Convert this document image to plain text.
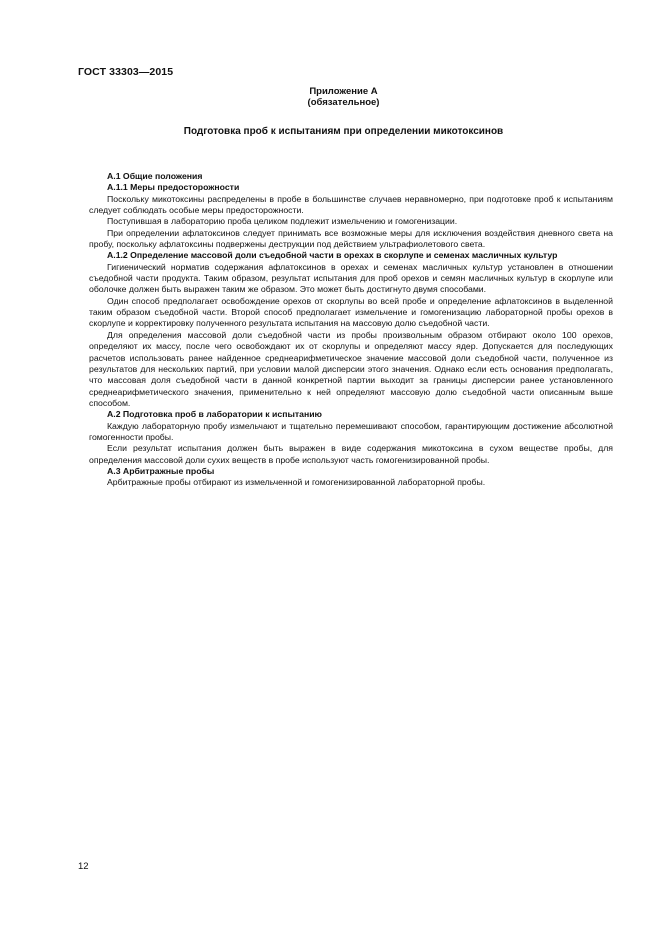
ГОСТ 33303—2015
Приложение А
(обязательное)
Подготовка проб к испытаниям при определении микотоксинов
А.1 Общие положения
А.1.1 Меры предосторожности

Поскольку микотоксины распределены в пробе в большинстве случаев неравномерно, при подготовке проб к испытаниям следует соблюдать особые меры предосторожности.

Поступившая в лабораторию проба целиком подлежит измельчению и гомогенизации.

При определении афлатоксинов следует принимать все возможные меры для исключения воздействия дневного света на пробу, поскольку афлатоксины подвержены деструкции под действием ультрафиолетового света.

А.1.2 Определение массовой доли съедобной части в орехах в скорлупе и семенах масличных культур

Гигиенический норматив содержания афлатоксинов в орехах и семенах масличных культур установлен в отношении съедобной части продукта. Таким образом, результат испытания для проб орехов и семян масличных культур в скорлупе или оболочке должен быть выражен таким же образом. Это может быть достигнуто двумя способами.

Один способ предполагает освобождение орехов от скорлупы во всей пробе и определение афлатоксинов в выделенной таким образом съедобной части. Второй способ предполагает измельчение и гомогенизацию лабораторной пробы орехов в скорлупе и корректировку полученного результата испытания на массовую долю съедобной части.

Для определения массовой доли съедобной части из пробы произвольным образом отбирают около 100 орехов, определяют их массу, после чего освобождают их от скорлупы и определяют массу ядер. Допускается для последующих расчетов использовать ранее найденное среднеарифметическое значение массовой доли съедобной части, полученное из результатов для нескольких партий, при условии малой дисперсии этого значения. Однако если есть основания предполагать, что массовая доля съедобной части в данной конкретной партии выходит за границы дисперсии ранее установленного среднеарифметического значения, применительно к ней определяют массовую долю съедобной части описанным выше способом.

А.2 Подготовка проб в лаборатории к испытанию

Каждую лабораторную пробу измельчают и тщательно перемешивают способом, гарантирующим достижение абсолютной гомогенности пробы.

Если результат испытания должен быть выражен в виде содержания микотоксина в сухом веществе пробы, для определения массовой доли сухих веществ в пробе используют часть гомогенизированной пробы.

А.3 Арбитражные пробы

Арбитражные пробы отбирают из измельченной и гомогенизированной лабораторной пробы.

12
